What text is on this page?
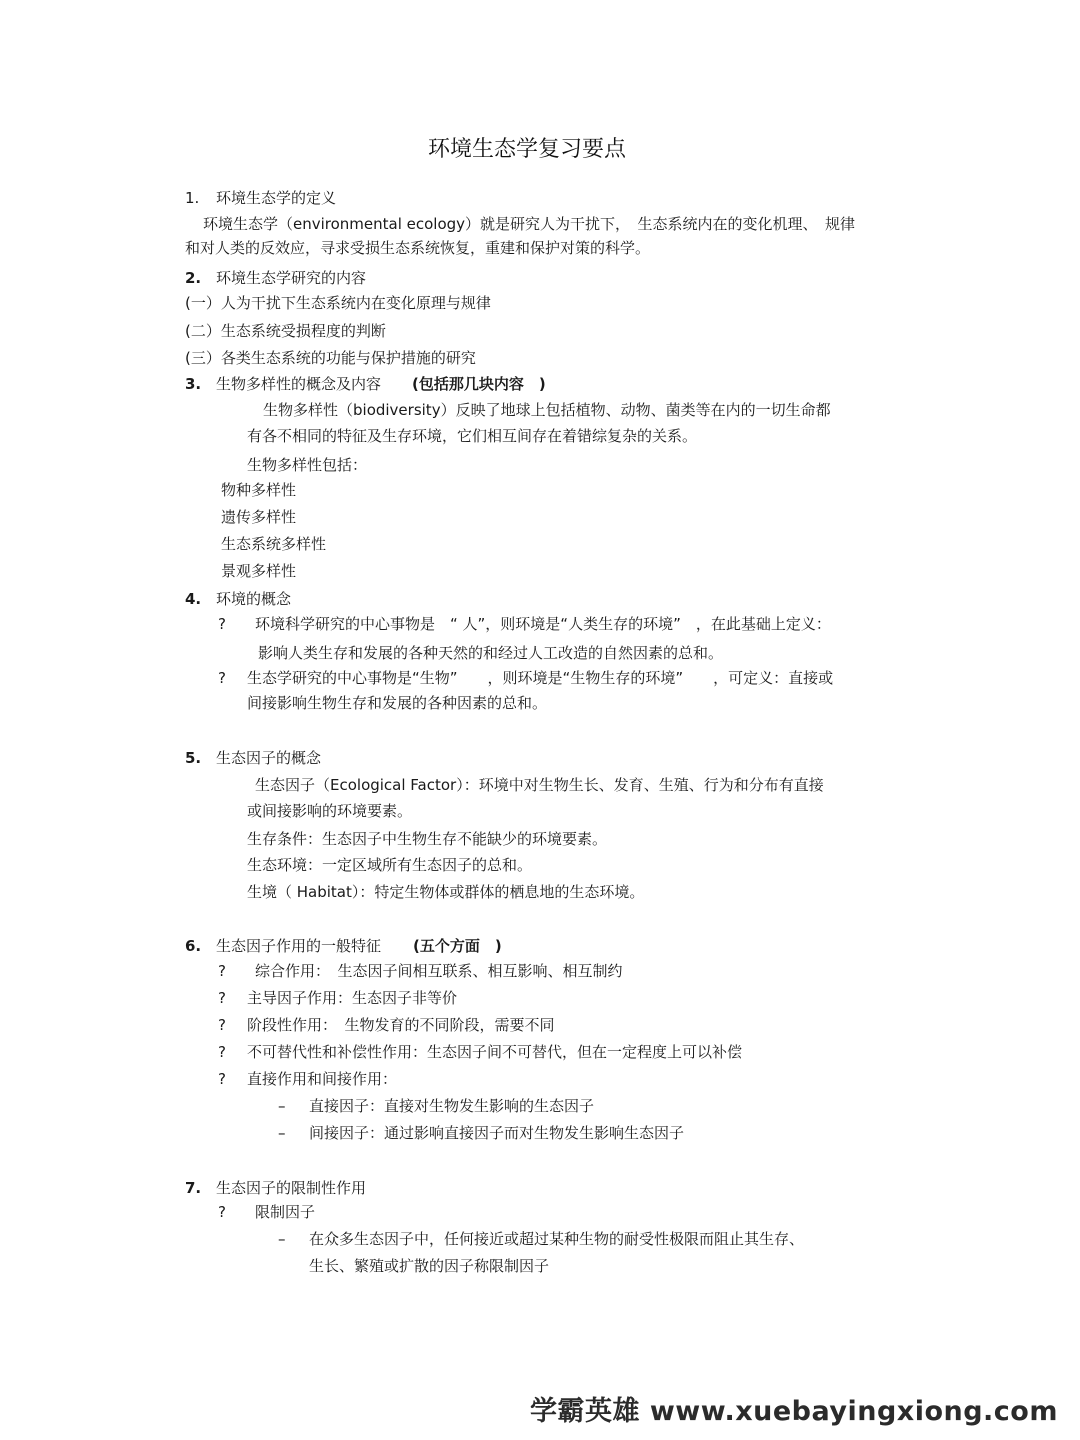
环境生态学复习要点
1. 环境生态学的定义
环境生态学（environmental ecology）就是研究人为干扰下，　生态系统内在的变化机理、　规律
和对人类的反效应，寻求受损生态系统恢复，重建和保护对策的科学。
2. 环境生态学研究的内容
(一）人为干扰下生态系统内在变化原理与规律
(二）生态系统受损程度的判断
(三）各类生态系统的功能与保护措施的研究
3. 生物多样性的概念及内容 (包括那几块内容　)
生物多样性（biodiversity）反映了地球上包括植物、动物、菌类等在内的一切生命都
有各不相同的特征及生存环境，它们相互间存在着错综复杂的关系。
生物多样性包括：
物种多样性
遗传多样性
生态系统多样性
景观多样性
4. 环境的概念
? 环境科学研究的中心事物是　“ 人”，则环境是“人类生存的环境”　，在此基础上定义：
影响人类生存和发展的各种天然的和经过人工改造的自然因素的总和。
? 生态学研究的中心事物是“生物”　　，则环境是“生物生存的环境”　　，可定义：直接或
间接影响生物生存和发展的各种因素的总和。
5. 生态因子的概念
生态因子（Ecological Factor）：环境中对生物生长、发育、生殖、行为和分布有直接
或间接影响的环境要素。
生存条件：生态因子中生物生存不能缺少的环境要素。
生态环境：一定区域所有生态因子的总和。
生境（ Habitat）：特定生物体或群体的栖息地的生态环境。
6. 生态因子作用的一般特征 (五个方面　)
? 综合作用：　生态因子间相互联系、相互影响、相互制约
? 主导因子作用：生态因子非等价
? 阶段性作用：　生物发育的不同阶段，需要不同
? 不可替代性和补偿性作用：生态因子间不可替代，但在一定程度上可以补偿
? 直接作用和间接作用：
– 直接因子：直接对生物发生影响的生态因子
– 间接因子：通过影响直接因子而对生物发生影响生态因子
7. 生态因子的限制性作用
? 限制因子
– 在众多生态因子中，任何接近或超过某种生物的耐受性极限而阻止其生存、
生长、繁殖或扩散的因子称限制因子
学霸英雄 www.xuebayingxiong.com
